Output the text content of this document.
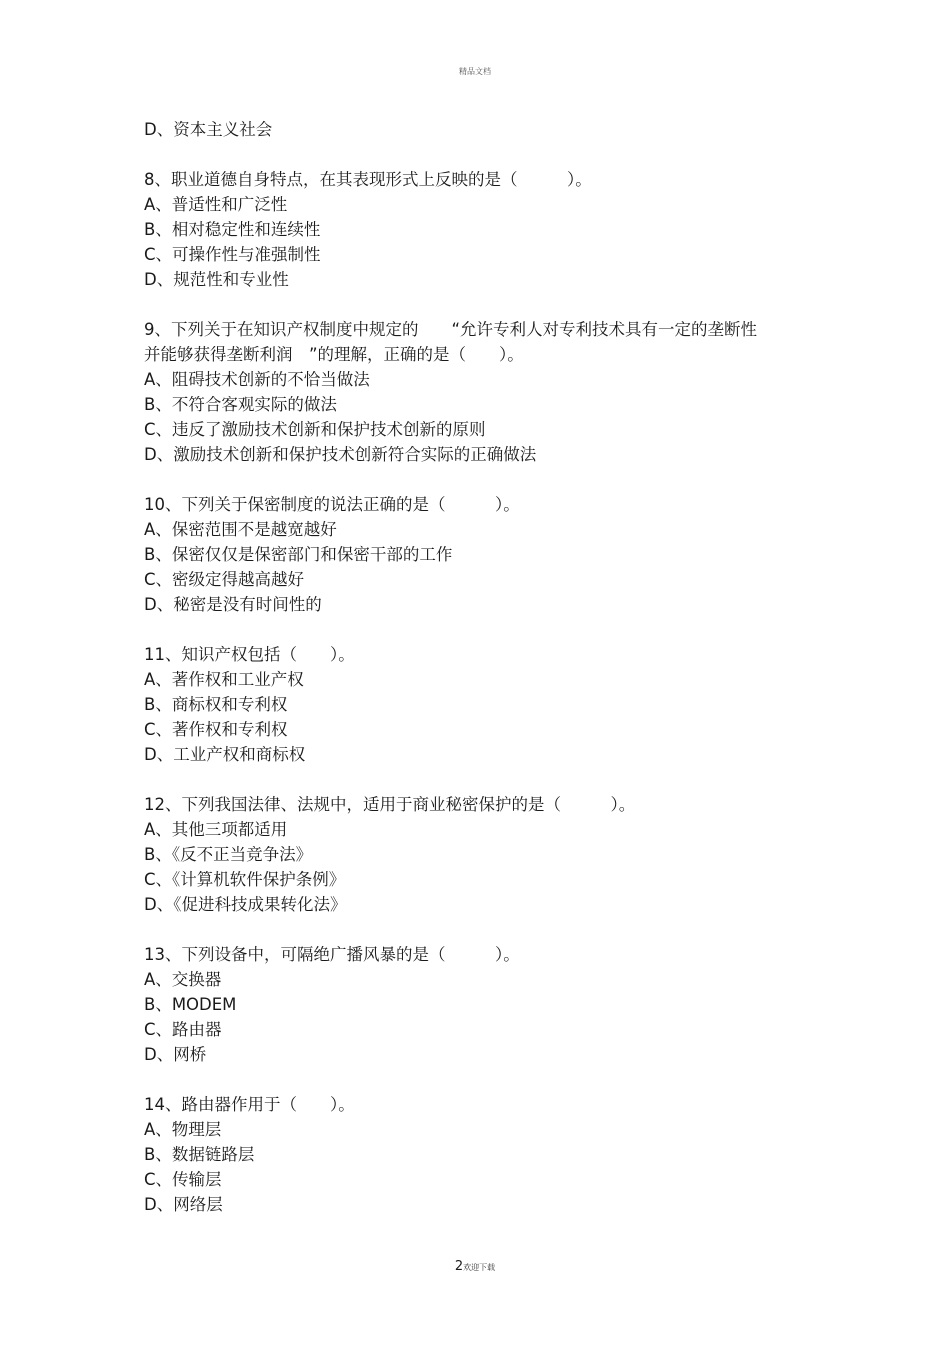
精品文档
D、资本主义社会
8、职业道德自身特点，在其表现形式上反映的是（　　　）。
A、普适性和广泛性
B、相对稳定性和连续性
C、可操作性与准强制性
D、规范性和专业性
9、下列关于在知识产权制度中规定的　　“允许专利人对专利技术具有一定的垄断性
并能够获得垄断利润　”的理解，正确的是（　　）。
A、阻碍技术创新的不恰当做法
B、不符合客观实际的做法
C、违反了激励技术创新和保护技术创新的原则
D、激励技术创新和保护技术创新符合实际的正确做法
10、下列关于保密制度的说法正确的是（　　　）。
A、保密范围不是越宽越好
B、保密仅仅是保密部门和保密干部的工作
C、密级定得越高越好
D、秘密是没有时间性的
11、知识产权包括（　　）。
A、著作权和工业产权
B、商标权和专利权
C、著作权和专利权
D、工业产权和商标权
12、下列我国法律、法规中，适用于商业秘密保护的是（　　　）。
A、其他三项都适用
B、《反不正当竞争法》
C、《计算机软件保护条例》
D、《促进科技成果转化法》
13、下列设备中，可隔绝广播风暴的是（　　　）。
A、交换器
B、MODEM
C、路由器
D、网桥
14、路由器作用于（　　）。
A、物理层
B、数据链路层
C、传输层
D、网络层
2欢迎下载
